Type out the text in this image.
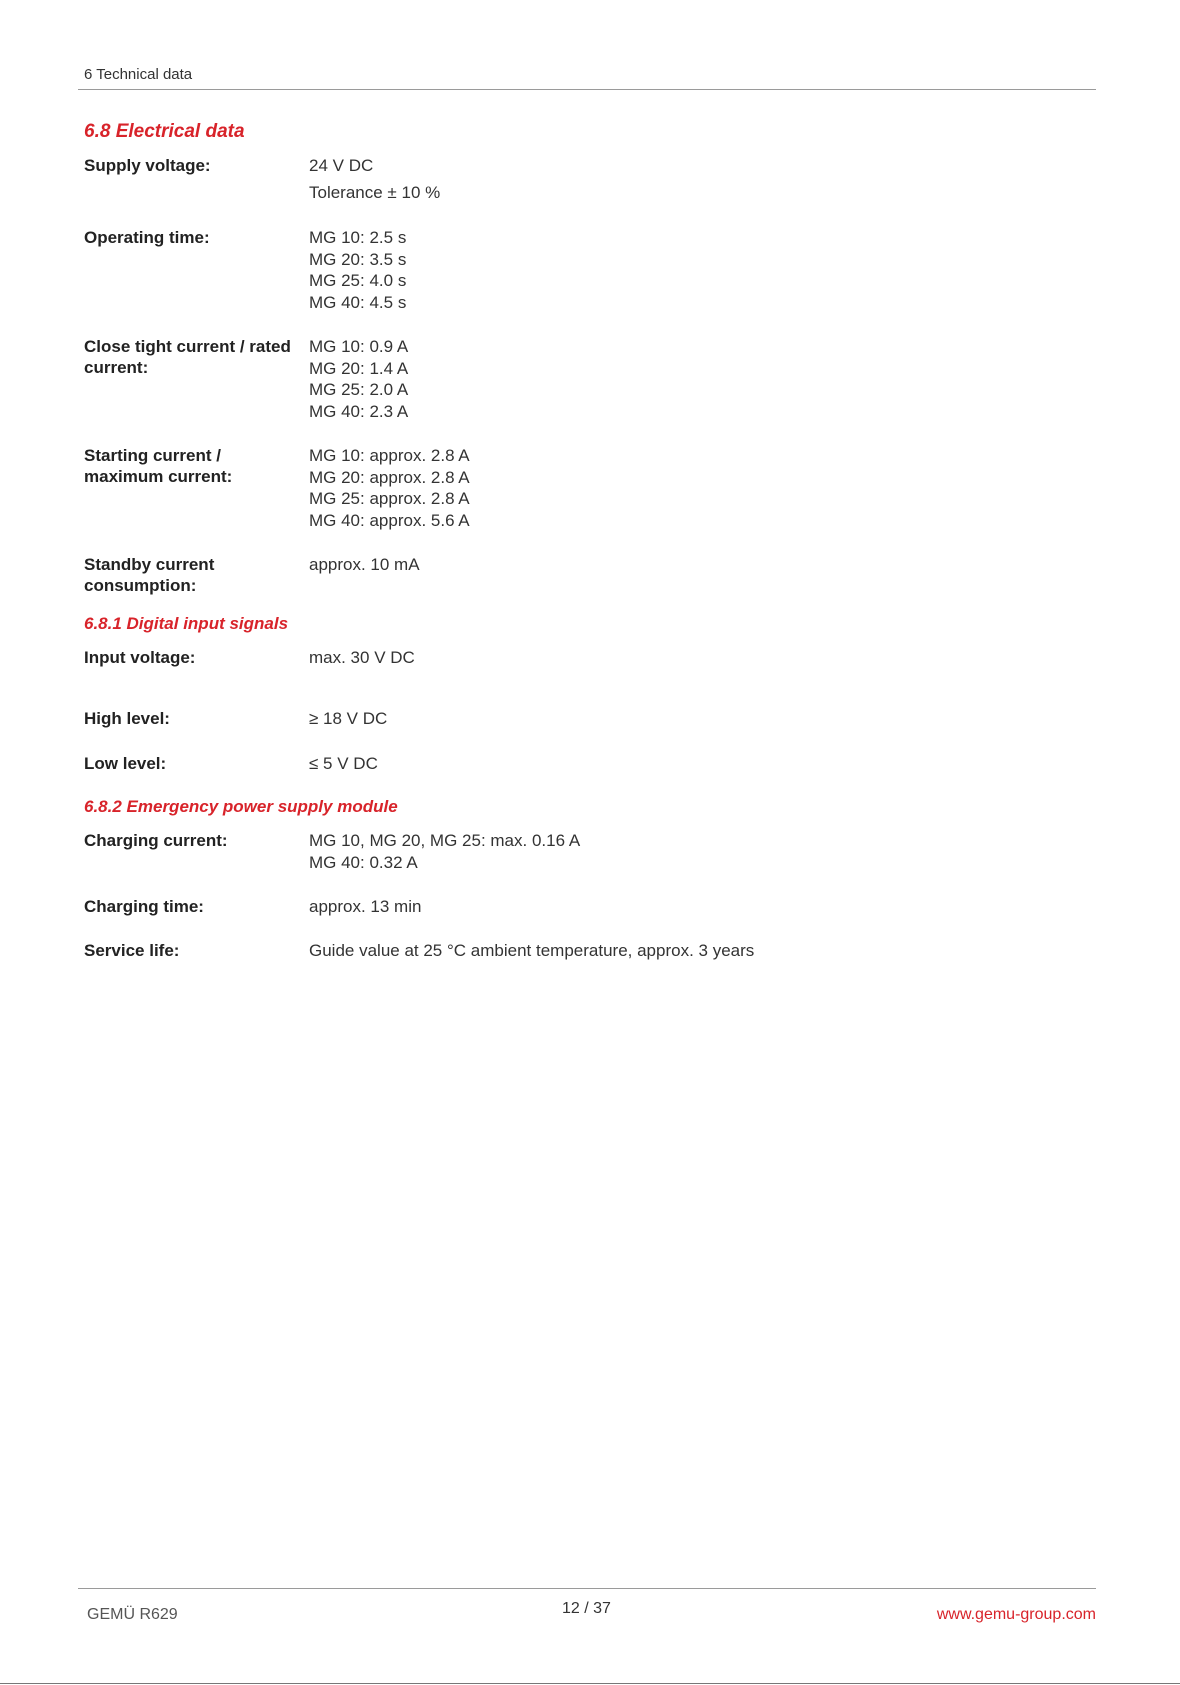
6 Technical data
6.8 Electrical data
Supply voltage:	24 V DC
Tolerance ± 10 %
Operating time:	MG 10: 2.5 s
MG 20: 3.5 s
MG 25: 4.0 s
MG 40: 4.5 s
Close tight current / rated current:
MG 10: 0.9 A
MG 20: 1.4 A
MG 25: 2.0 A
MG 40: 2.3 A
Starting current / maximum current:
MG 10: approx. 2.8 A
MG 20: approx. 2.8 A
MG 25: approx. 2.8 A
MG 40: approx. 5.6 A
Standby current consumption:
approx. 10 mA
6.8.1 Digital input signals
Input voltage:	max. 30 V DC
High level:	≥ 18 V DC
Low level:	≤ 5 V DC
6.8.2 Emergency power supply module
Charging current:	MG 10, MG 20, MG 25: max. 0.16 A
MG 40: 0.32 A
Charging time:	approx. 13 min
Service life:	Guide value at 25 °C ambient temperature, approx. 3 years
GEMÜ R629	12 / 37	www.gemu-group.com
